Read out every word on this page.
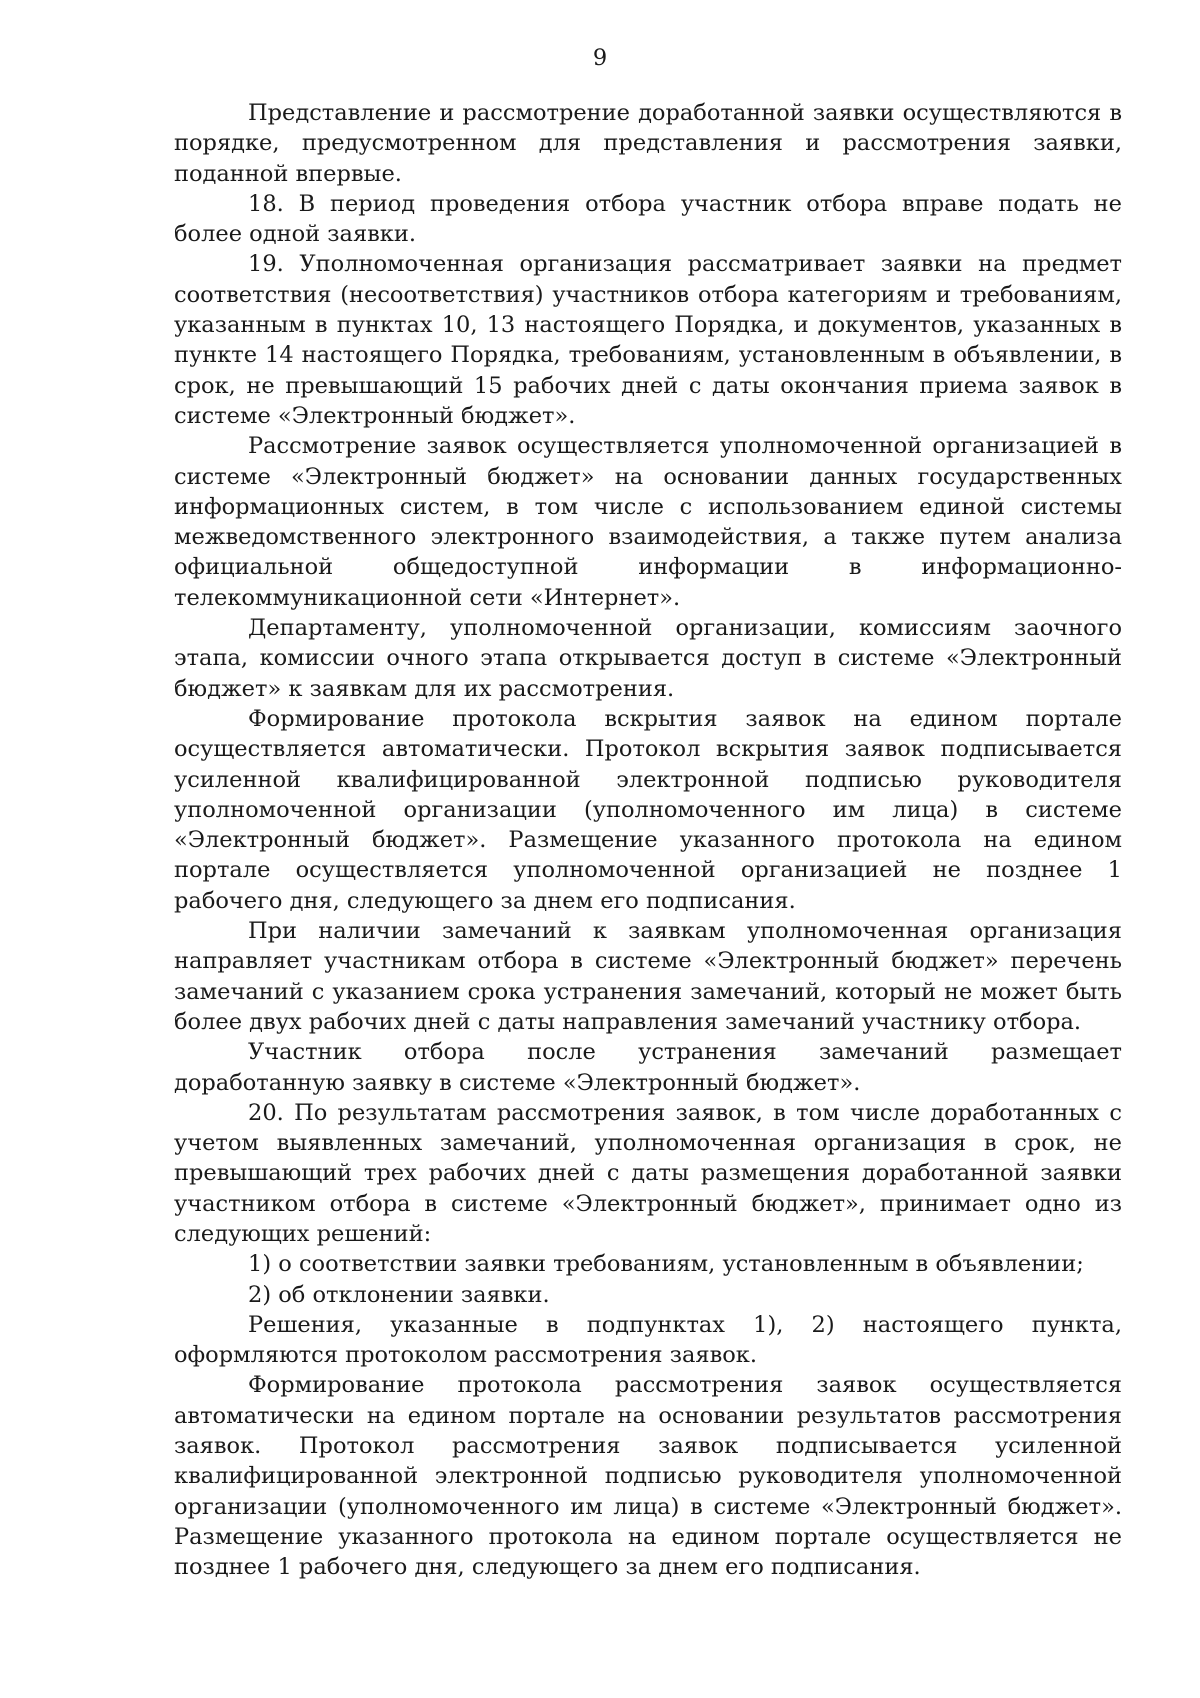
9

Представление и рассмотрение доработанной заявки осуществляются в порядке, предусмотренном для представления и рассмотрения заявки, поданной впервые.

18. В период проведения отбора участник отбора вправе подать не более одной заявки.

19. Уполномоченная организация рассматривает заявки на предмет соответствия (несоответствия) участников отбора категориям и требованиям, указанным в пунктах 10, 13 настоящего Порядка, и документов, указанных в пункте 14 настоящего Порядка, требованиям, установленным в объявлении, в срок, не превышающий 15 рабочих дней с даты окончания приема заявок в системе «Электронный бюджет».

Рассмотрение заявок осуществляется уполномоченной организацией в системе «Электронный бюджет» на основании данных государственных информационных систем, в том числе с использованием единой системы межведомственного электронного взаимодействия, а также путем анализа официальной общедоступной информации в информационно-телекоммуникационной сети «Интернет».

Департаменту, уполномоченной организации, комиссиям заочного этапа, комиссии очного этапа открывается доступ в системе «Электронный бюджет» к заявкам для их рассмотрения.

Формирование протокола вскрытия заявок на едином портале осуществляется автоматически. Протокол вскрытия заявок подписывается усиленной квалифицированной электронной подписью руководителя уполномоченной организации (уполномоченного им лица) в системе «Электронный бюджет». Размещение указанного протокола на едином портале осуществляется уполномоченной организацией не позднее 1 рабочего дня, следующего за днем его подписания.

При наличии замечаний к заявкам уполномоченная организация направляет участникам отбора в системе «Электронный бюджет» перечень замечаний с указанием срока устранения замечаний, который не может быть более двух рабочих дней с даты направления замечаний участнику отбора.

Участник отбора после устранения замечаний размещает доработанную заявку в системе «Электронный бюджет».

20. По результатам рассмотрения заявок, в том числе доработанных с учетом выявленных замечаний, уполномоченная организация в срок, не превышающий трех рабочих дней с даты размещения доработанной заявки участником отбора в системе «Электронный бюджет», принимает одно из следующих решений:

1) о соответствии заявки требованиям, установленным в объявлении;

2) об отклонении заявки.

Решения, указанные в подпунктах 1), 2) настоящего пункта, оформляются протоколом рассмотрения заявок.

Формирование протокола рассмотрения заявок осуществляется автоматически на едином портале на основании результатов рассмотрения заявок. Протокол рассмотрения заявок подписывается усиленной квалифицированной электронной подписью руководителя уполномоченной организации (уполномоченного им лица) в системе «Электронный бюджет». Размещение указанного протокола на едином портале осуществляется не позднее 1 рабочего дня, следующего за днем его подписания.
